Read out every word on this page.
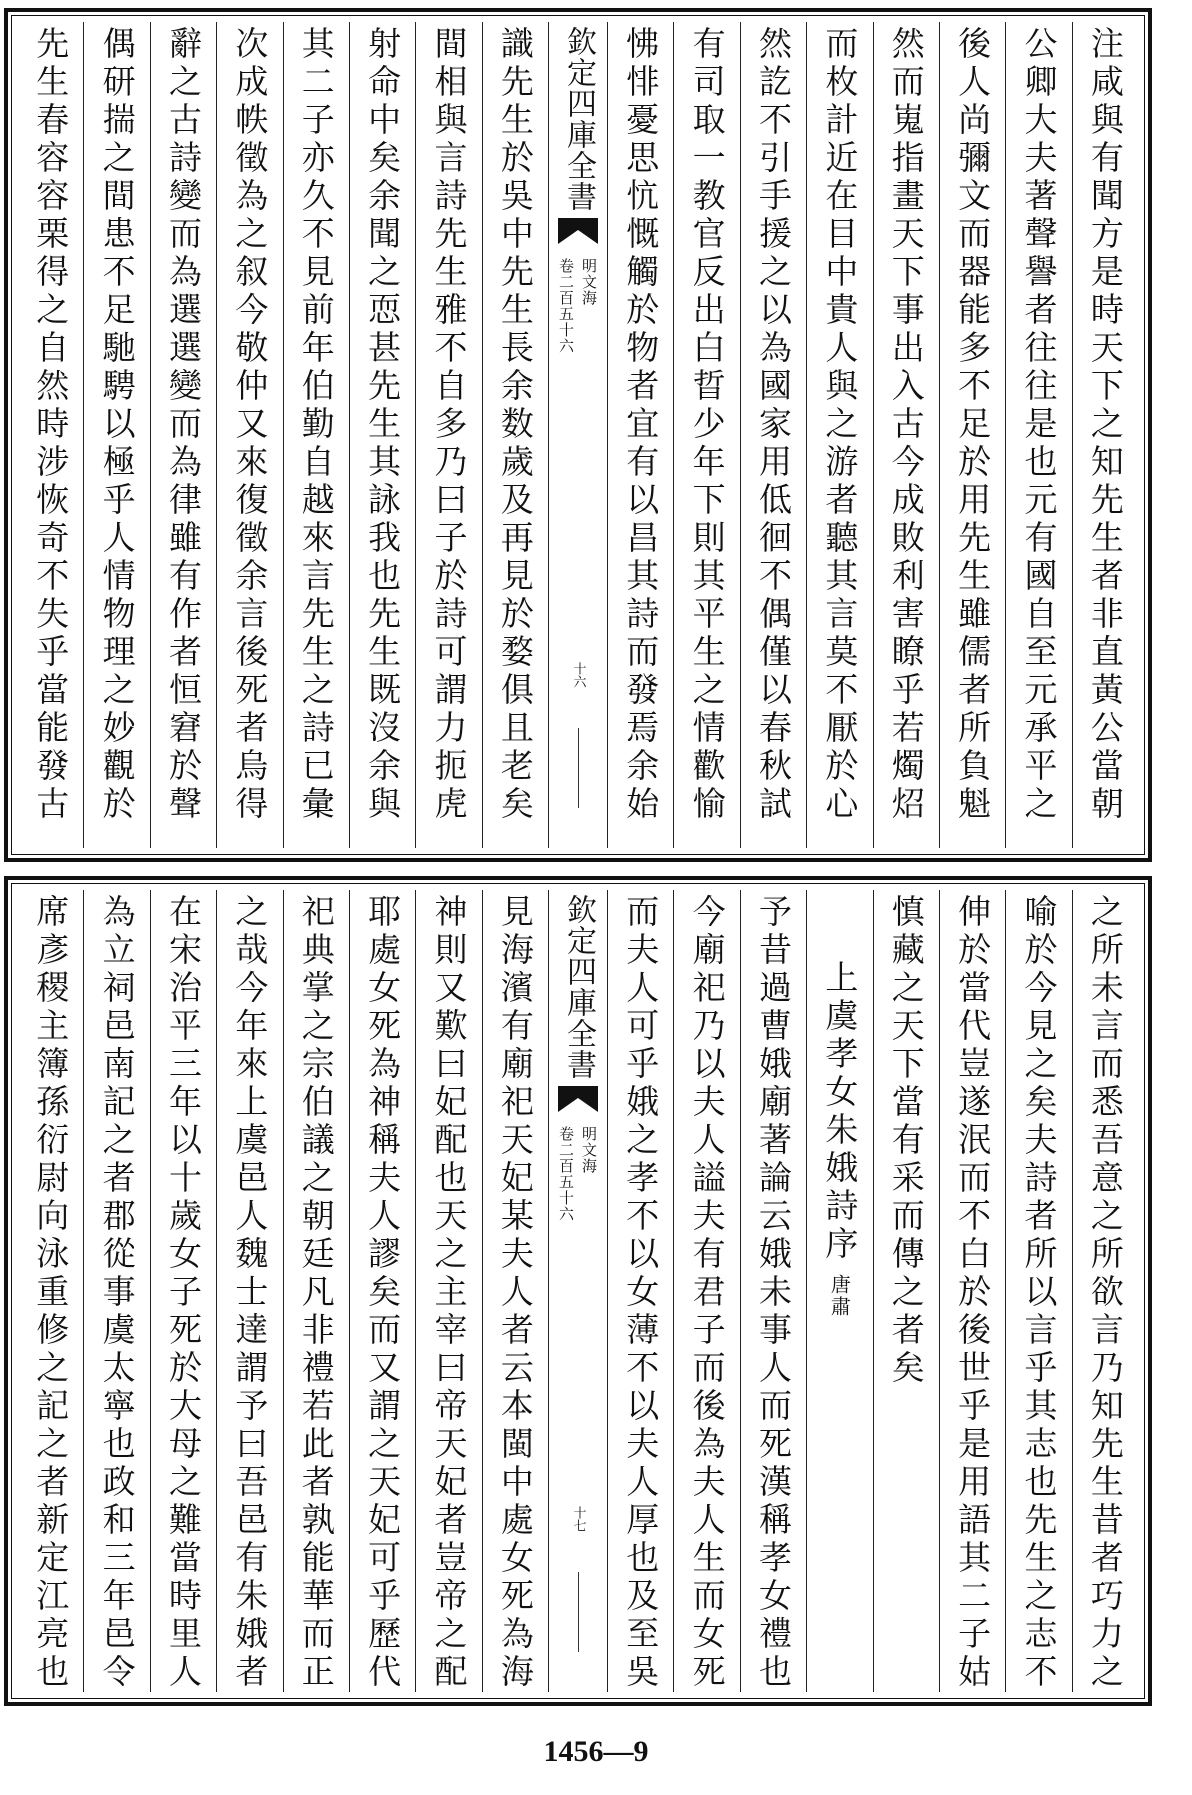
注咸與有聞方是時天下之知先生者非直黃公當朝
公卿大夫著聲譽者往往是也元有國自至元承平之
後人尚彌文而器能多不足於用先生雖儒者所負魁
然而嵬指畫天下事出入古今成敗利害瞭乎若燭炤
而枚計近在目中貴人與之游者聽其言莫不厭於心
然訖不引手援之以為國家用低徊不偶僅以春秋試
有司取一教官反出白晢少年下則其平生之情歡愉
怫悱憂思忼慨觸於物者宜有以昌其詩而發焉余始
欽定四庫全書
明文海
卷二百五十六
十六
識先生於吳中先生長余数歲及再見於婺俱且老矣
間相與言詩先生雅不自多乃曰子於詩可謂力扼虎
射命中矣余聞之恧甚先生其詠我也先生既沒余與
其二子亦久不見前年伯勤自越來言先生之詩已彙
次成帙徵為之叙今敬仲又來復徵余言後死者烏得
辭之古詩變而為選選變而為律雖有作者恒窘於聲
偶研揣之間患不足馳騁以極乎人情物理之妙觀於
先生春容容栗得之自然時涉恢奇不失乎當能發古
之所未言而悉吾意之所欲言乃知先生昔者巧力之
喻於今見之矣夫詩者所以言乎其志也先生之志不
伸於當代豈遂泯而不白於後世乎是用語其二子姑
慎藏之天下當有采而傳之者矣
上虞孝女朱娥詩序唐肅
予昔過曹娥廟著論云娥未事人而死漢稱孝女禮也
今廟祀乃以夫人謚夫有君子而後為夫人生而女死
而夫人可乎娥之孝不以女薄不以夫人厚也及至吳
欽定四庫全書
明文海
卷二百五十六
十七
見海濱有廟祀天妃某夫人者云本閩中處女死為海
神則又歎曰妃配也天之主宰曰帝天妃者豈帝之配
耶處女死為神稱夫人謬矣而又謂之天妃可乎歷代
祀典掌之宗伯議之朝廷凡非禮若此者孰能華而正
之哉今年來上虞邑人魏士達謂予曰吾邑有朱娥者
在宋治平三年以十歲女子死於大母之難當時里人
為立祠邑南記之者郡從事虞太寧也政和三年邑令
席彥稷主簿孫衍尉向泳重修之記之者新定江亮也
1456—9
